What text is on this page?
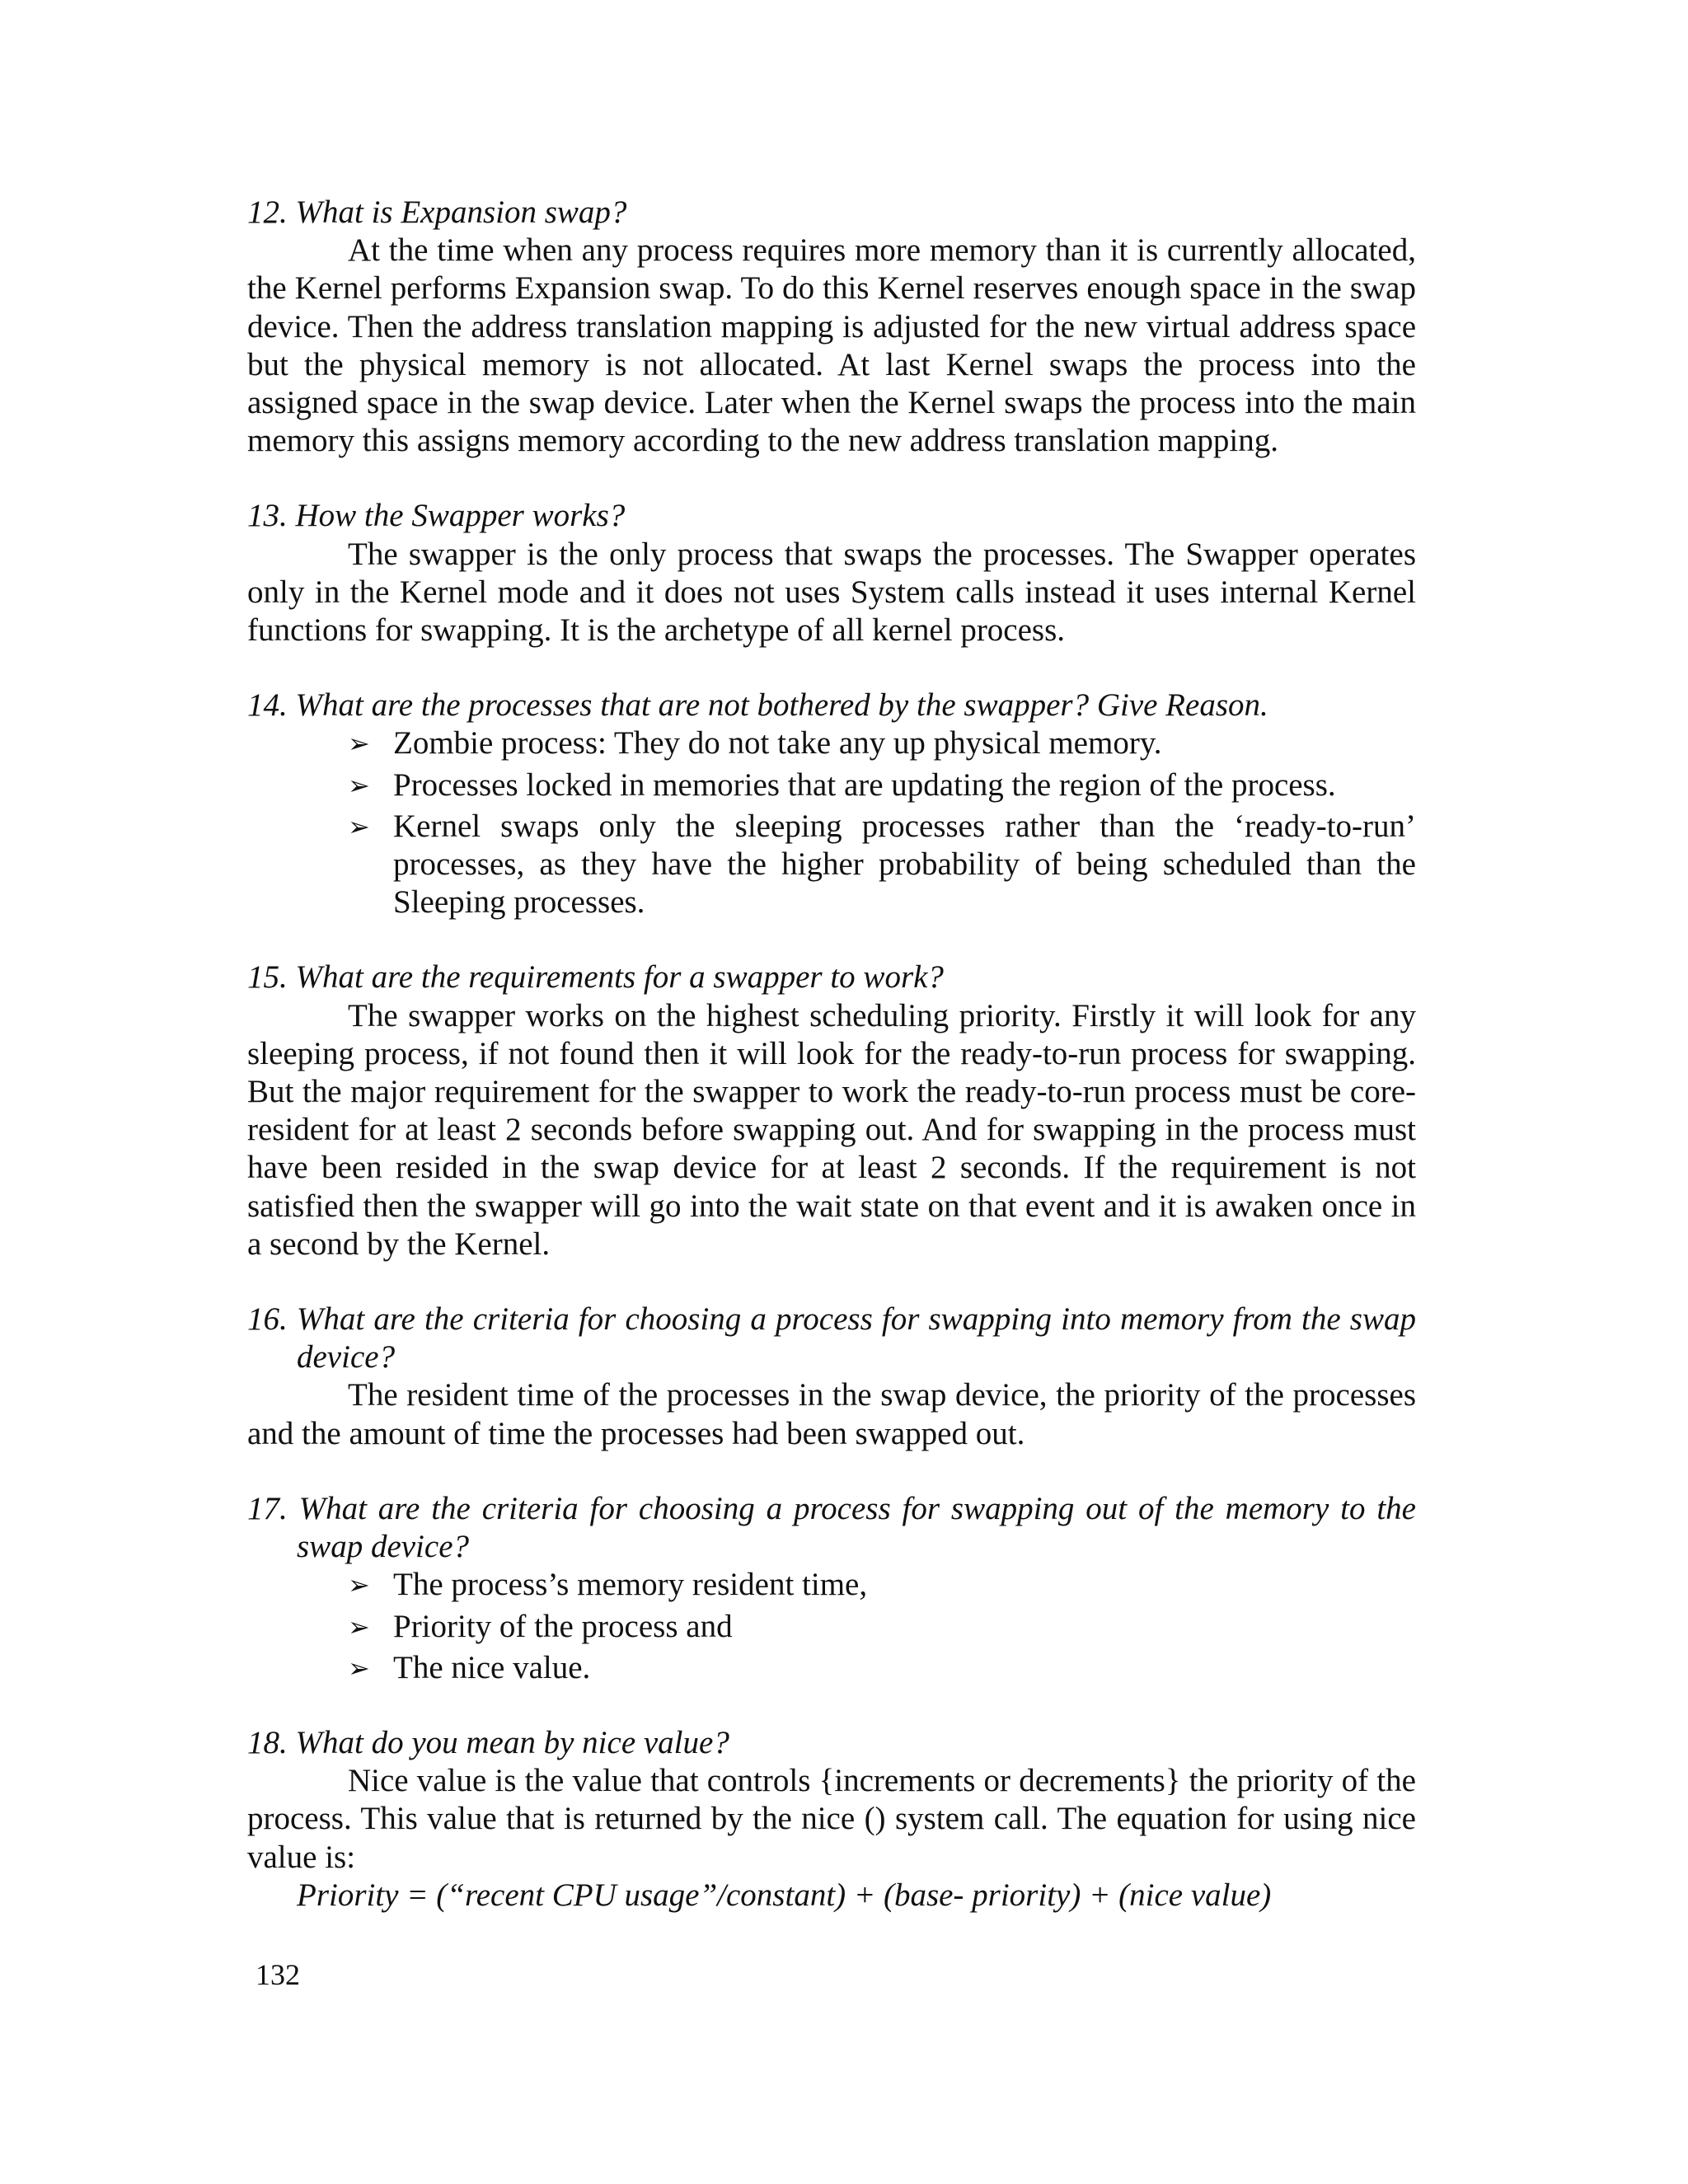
12. What is Expansion swap?

At the time when any process requires more memory than it is currently allocated, the Kernel performs Expansion swap. To do this Kernel reserves enough space in the swap device. Then the address translation mapping is adjusted for the new virtual address space but the physical memory is not allocated. At last Kernel swaps the process into the assigned space in the swap device. Later when the Kernel swaps the process into the main memory this assigns memory according to the new address translation mapping.

13. How the Swapper works?

The swapper is the only process that swaps the processes. The Swapper operates only in the Kernel mode and it does not uses System calls instead it uses internal Kernel functions for swapping. It is the archetype of all kernel process.

14. What are the processes that are not bothered by the swapper? Give Reason.

➢ Zombie process: They do not take any up physical memory.
➢ Processes locked in memories that are updating the region of the process.
➢ Kernel swaps only the sleeping processes rather than the ‘ready-to-run’ processes, as they have the higher probability of being scheduled than the Sleeping processes.

15. What are the requirements for a swapper to work?

The swapper works on the highest scheduling priority. Firstly it will look for any sleeping process, if not found then it will look for the ready-to-run process for swapping. But the major requirement for the swapper to work the ready-to-run process must be core-resident for at least 2 seconds before swapping out. And for swapping in the process must have been resided in the swap device for at least 2 seconds. If the requirement is not satisfied then the swapper will go into the wait state on that event and it is awaken once in a second by the Kernel.

16. What are the criteria for choosing a process for swapping into memory from the swap device?

The resident time of the processes in the swap device, the priority of the processes and the amount of time the processes had been swapped out.

17. What are the criteria for choosing a process for swapping out of the memory to the swap device?

➢ The process’s memory resident time,
➢ Priority of the process and
➢ The nice value.

18. What do you mean by nice value?

Nice value is the value that controls {increments or decrements} the priority of the process. This value that is returned by the nice () system call. The equation for using nice value is:

Priority = (“recent CPU usage”/constant) + (base- priority) + (nice value)

132
